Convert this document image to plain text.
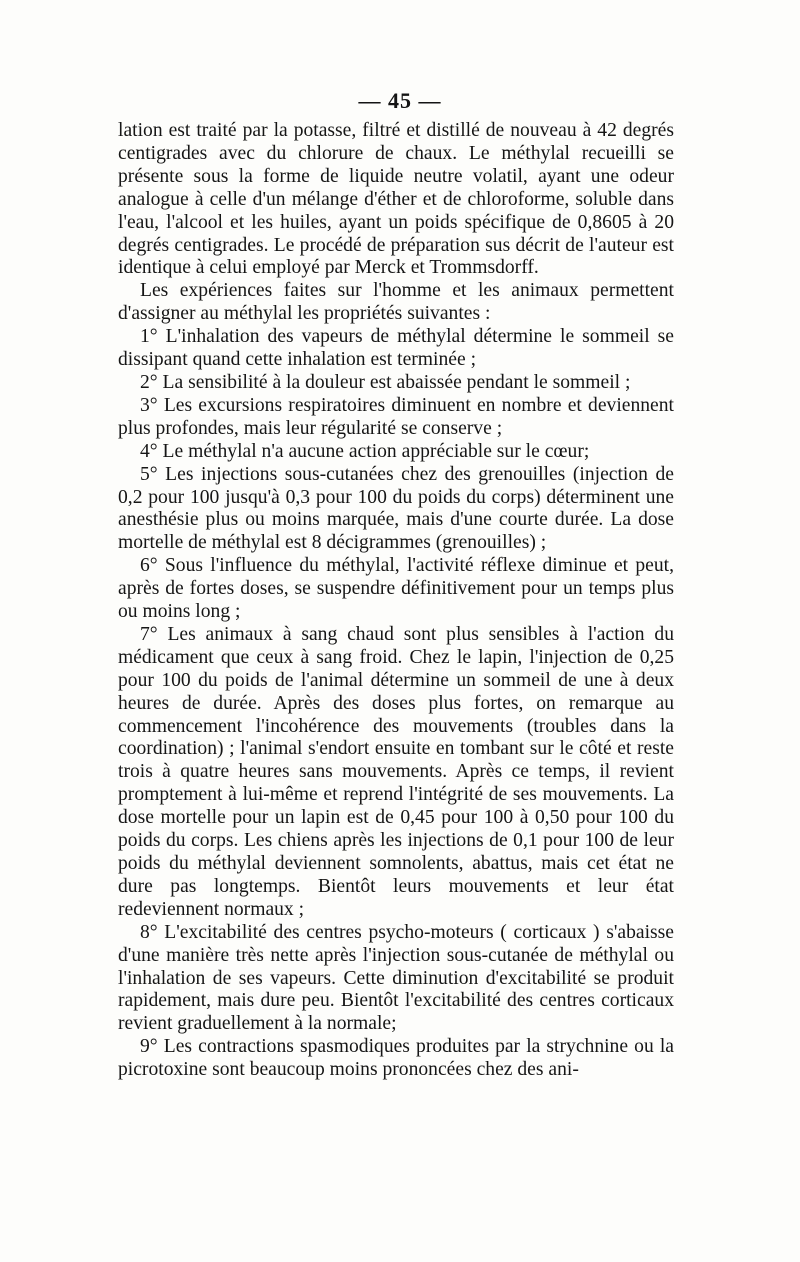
— 45 —

lation est traité par la potasse, filtré et distillé de nouveau à 42 degrés centigrades avec du chlorure de chaux. Le méthylal recueilli se présente sous la forme de liquide neutre volatil, ayant une odeur analogue à celle d'un mélange d'éther et de chloroforme, soluble dans l'eau, l'alcool et les huiles, ayant un poids spécifique de 0,8605 à 20 degrés centigrades. Le procédé de préparation sus décrit de l'auteur est identique à celui employé par Merck et Trommsdorff.

Les expériences faites sur l'homme et les animaux permettent d'assigner au méthylal les propriétés suivantes :

1° L'inhalation des vapeurs de méthylal détermine le sommeil se dissipant quand cette inhalation est terminée ;

2° La sensibilité à la douleur est abaissée pendant le sommeil ;

3° Les excursions respiratoires diminuent en nombre et deviennent plus profondes, mais leur régularité se conserve ;

4° Le méthylal n'a aucune action appréciable sur le cœur;

5° Les injections sous-cutanées chez des grenouilles (injection de 0,2 pour 100 jusqu'à 0,3 pour 100 du poids du corps) déterminent une anesthésie plus ou moins marquée, mais d'une courte durée. La dose mortelle de méthylal est 8 décigrammes (grenouilles) ;

6° Sous l'influence du méthylal, l'activité réflexe diminue et peut, après de fortes doses, se suspendre définitivement pour un temps plus ou moins long ;

7° Les animaux à sang chaud sont plus sensibles à l'action du médicament que ceux à sang froid. Chez le lapin, l'injection de 0,25 pour 100 du poids de l'animal détermine un sommeil de une à deux heures de durée. Après des doses plus fortes, on remarque au commencement l'incohérence des mouvements (troubles dans la coordination) ; l'animal s'endort ensuite en tombant sur le côté et reste trois à quatre heures sans mouvements. Après ce temps, il revient promptement à lui-même et reprend l'intégrité de ses mouvements. La dose mortelle pour un lapin est de 0,45 pour 100 à 0,50 pour 100 du poids du corps. Les chiens après les injections de 0,1 pour 100 de leur poids du méthylal deviennent somnolents, abattus, mais cet état ne dure pas longtemps. Bientôt leurs mouvements et leur état redeviennent normaux ;

8° L'excitabilité des centres psycho-moteurs ( corticaux ) s'abaisse d'une manière très nette après l'injection sous-cutanée de méthylal ou l'inhalation de ses vapeurs. Cette diminution d'excitabilité se produit rapidement, mais dure peu. Bientôt l'excitabilité des centres corticaux revient graduellement à la normale;

9° Les contractions spasmodiques produites par la strychnine ou la picrotoxine sont beaucoup moins prononcées chez des ani-
